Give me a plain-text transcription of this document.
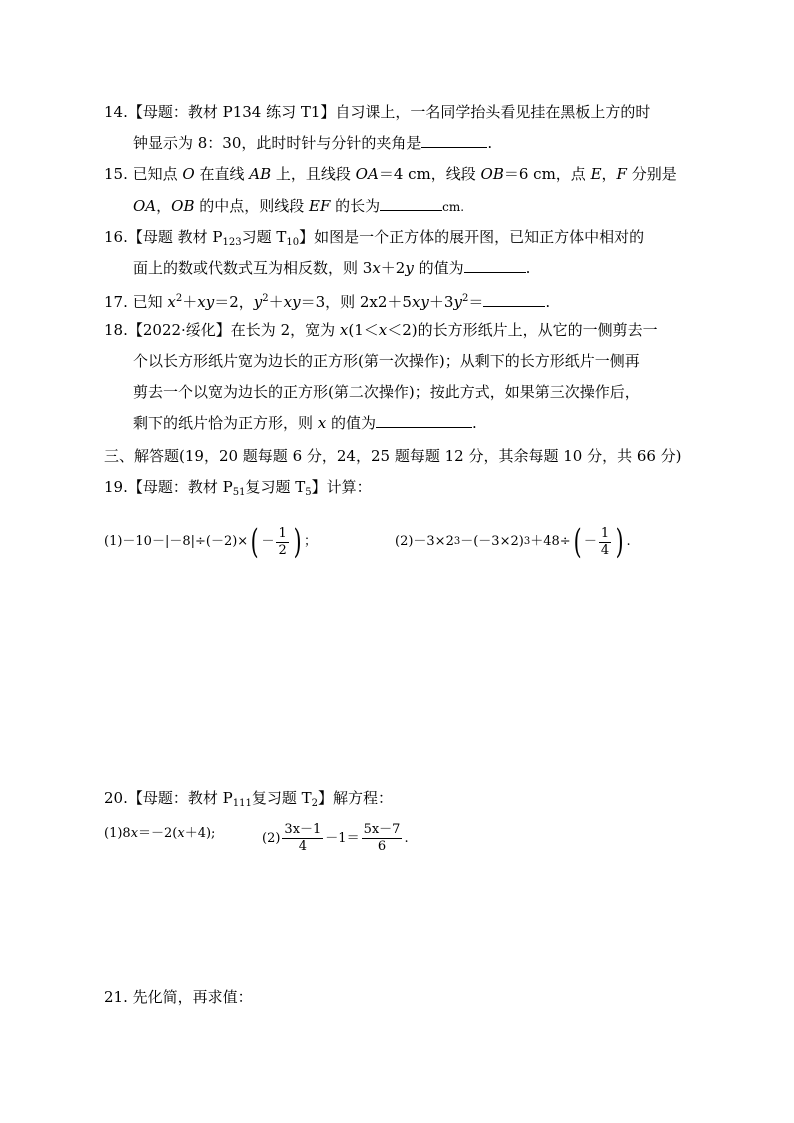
14.【母题：教材 P134 练习 T1】自习课上，一名同学抬头看见挂在黑板上方的时
钟显示为 8：30，此时时针与分针的夹角是	.
15. 已知点 O 在直线 AB 上，且线段 OA＝4 cm，线段 OB＝6 cm，点 E，F 分别是
OA，OB 的中点，则线段 EF 的长为	cm.
16.【母题 教材 $P_{123}$习题 $T_{10}$】如图是一个正方体的展开图，已知正方体中相对的
面上的数或代数式互为相反数，则 3x＋2y 的值为	.
17. 已知 $x^2+xy=2$，$y^2+xy=3$，则 $2x2+5xy+3y^2=$	.
18.【2022·绥化】在长为 2，宽为 x(1＜x＜2)的长方形纸片上，从它的一侧剪去一
个以长方形纸片宽为边长的正方形(第一次操作)；从剩下的长方形纸片一侧再
剪去一个以宽为边长的正方形(第二次操作)；按此方式，如果第三次操作后，
剩下的纸片恰为正方形，则 x 的值为	.
三、解答题(19，20 题每题 6 分，24，25 题每题 12 分，其余每题 10 分，共 66 分)
19.【母题：教材 $P_{51}$复习题 $T_5$】计算：
(1)－10－|－8|÷(－2)× ( － $\frac{1}{2}$ ) ；	(2)－3×2 3 －(－3×2) 3 ＋48÷ ( － $\frac{1}{4}$ ) .
20.【母题：教材 $P_{111}$复习题 $T_2$】解方程：
(1)8 x ＝－2( x ＋4);	$(2) \frac{3x-1}{4} -1= \frac{5x-7}{6}$ .
21. 先化简，再求值：
